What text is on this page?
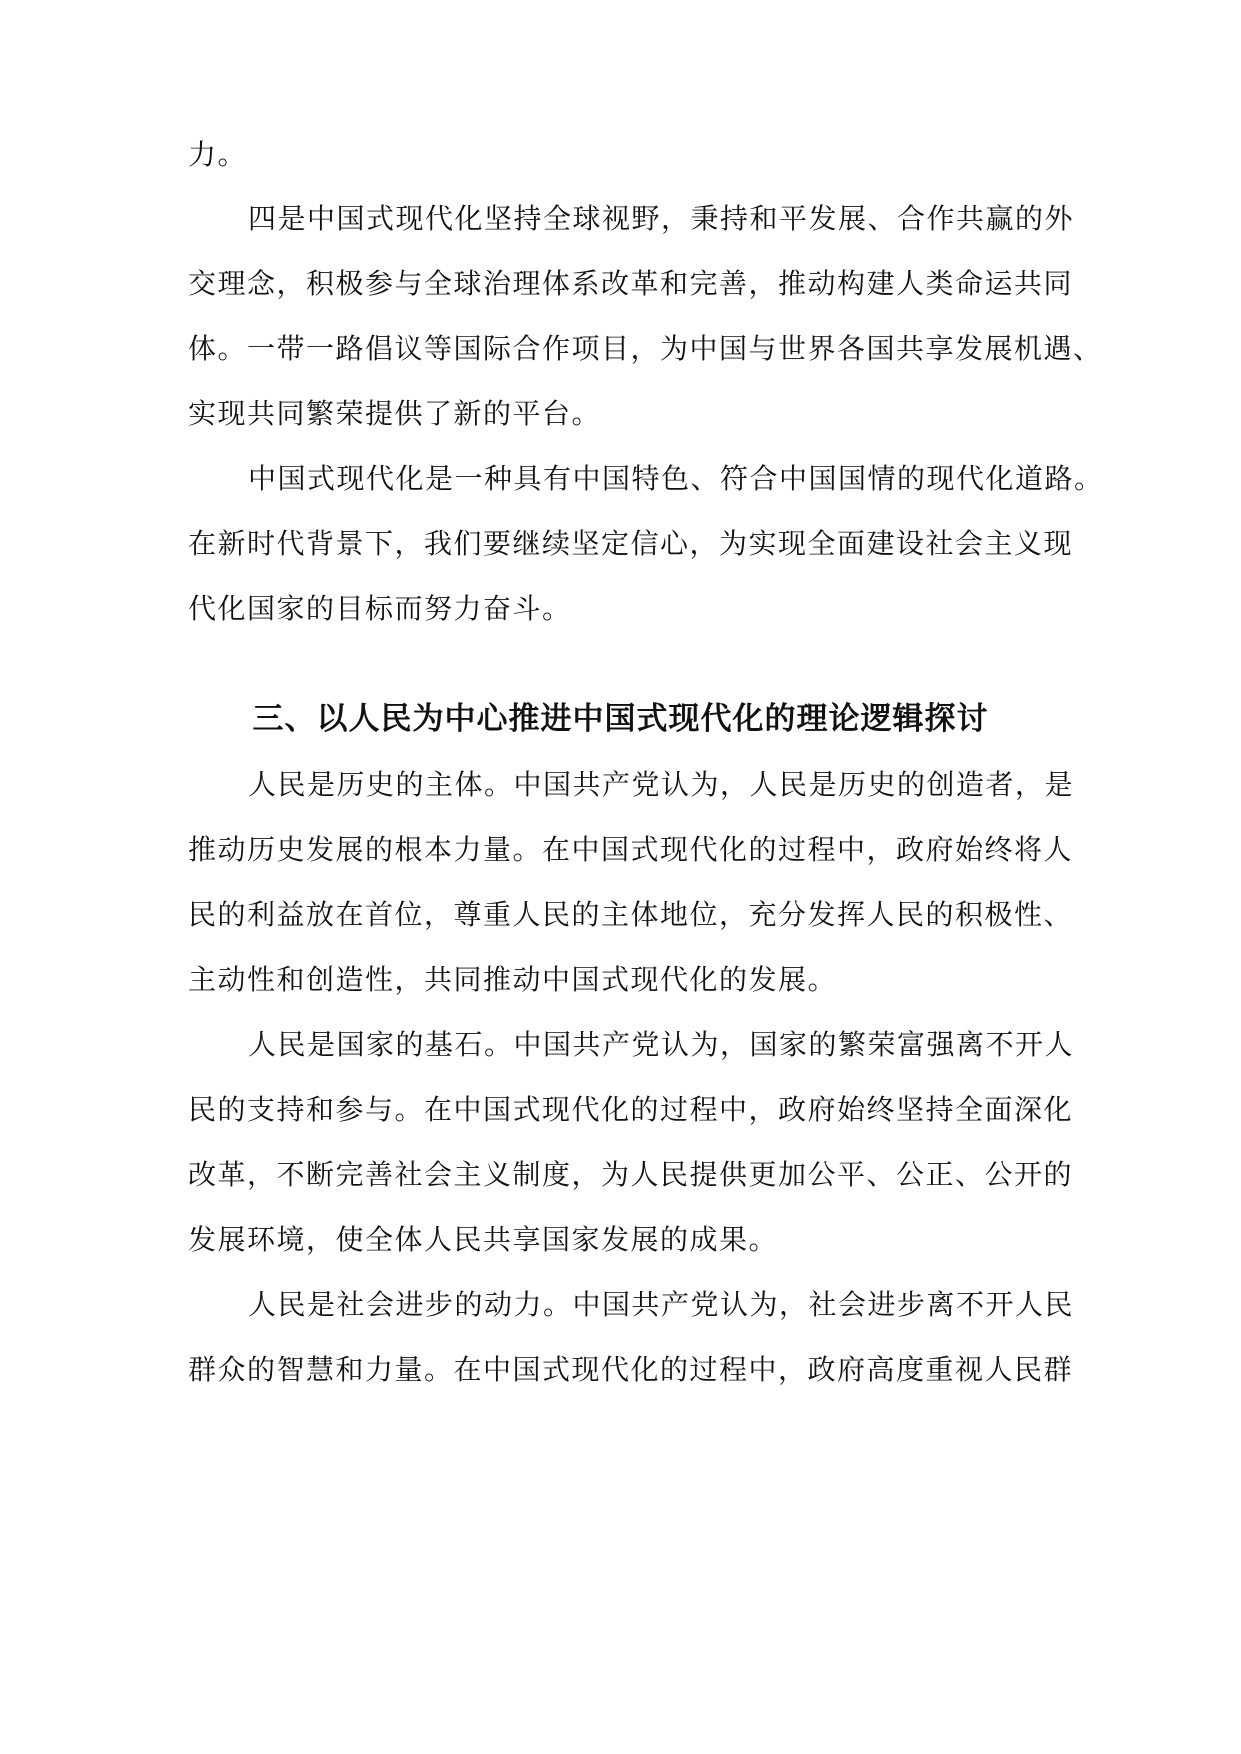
力。
四是中国式现代化坚持全球视野，秉持和平发展、合作共赢的外
交理念，积极参与全球治理体系改革和完善，推动构建人类命运共同
体。一带一路倡议等国际合作项目，为中国与世界各国共享发展机遇、
实现共同繁荣提供了新的平台。
中国式现代化是一种具有中国特色、符合中国国情的现代化道路。
在新时代背景下，我们要继续坚定信心，为实现全面建设社会主义现
代化国家的目标而努力奋斗。
三、以人民为中心推进中国式现代化的理论逻辑探讨
人民是历史的主体。中国共产党认为，人民是历史的创造者，是
推动历史发展的根本力量。在中国式现代化的过程中，政府始终将人
民的利益放在首位，尊重人民的主体地位，充分发挥人民的积极性、
主动性和创造性，共同推动中国式现代化的发展。
人民是国家的基石。中国共产党认为，国家的繁荣富强离不开人
民的支持和参与。在中国式现代化的过程中，政府始终坚持全面深化
改革，不断完善社会主义制度，为人民提供更加公平、公正、公开的
发展环境，使全体人民共享国家发展的成果。
人民是社会进步的动力。中国共产党认为，社会进步离不开人民
群众的智慧和力量。在中国式现代化的过程中，政府高度重视人民群
